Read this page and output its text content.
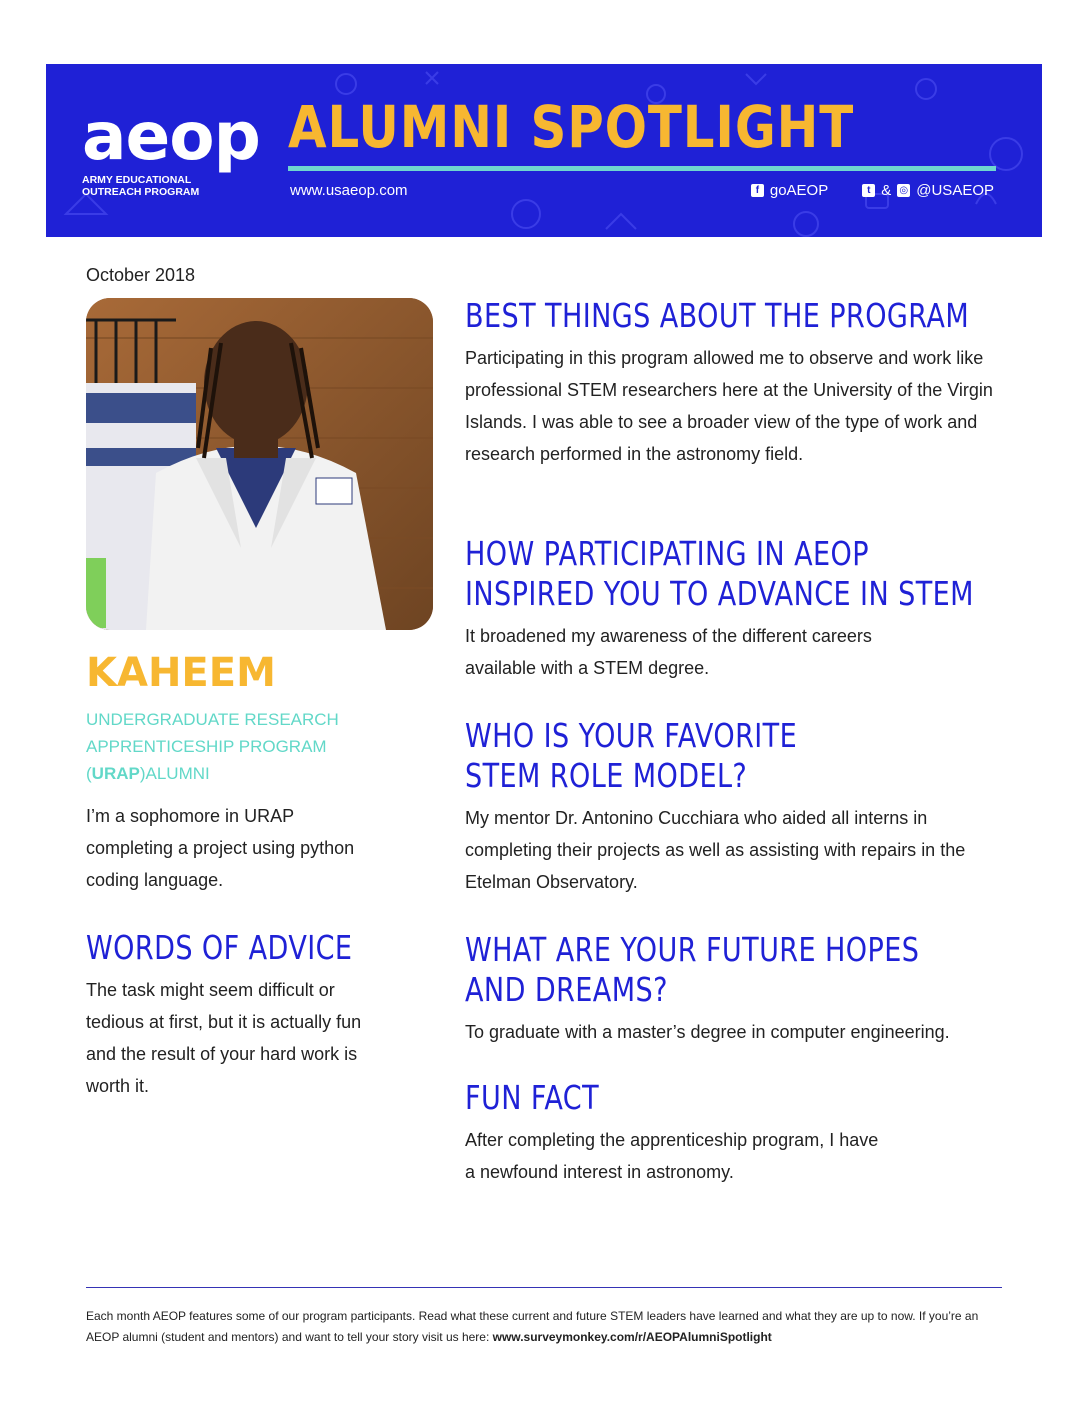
aeop
ARMY EDUCATIONAL OUTREACH PROGRAM
ALUMNI SPOTLIGHT
www.usaeop.com	f goAEOP	t & ◎ @USAEOP
October 2018
KAHEEM
UNDERGRADUATE RESEARCH
APPRENTICESHIP PROGRAM
(URAP)ALUMNI
I’m a sophomore in URAP completing a project using python coding language.
WORDS OF ADVICE
The task might seem difficult or tedious at first, but it is actually fun and the result of your hard work is worth it.
BEST THINGS ABOUT THE PROGRAM
Participating in this program allowed me to observe and work like professional STEM researchers here at the University of the Virgin Islands. I was able to see a broader view of the type of work and research performed in the astronomy field.
HOW PARTICIPATING IN AEOP
INSPIRED YOU TO ADVANCE IN STEM
It broadened my awareness of the different careers available with a STEM degree.
WHO IS YOUR FAVORITE
STEM ROLE MODEL?
My mentor Dr. Antonino Cucchiara who aided all interns in completing their projects as well as assisting with repairs in the Etelman Observatory.
WHAT ARE YOUR FUTURE HOPES
AND DREAMS?
To graduate with a master’s degree in computer engineering.
FUN FACT
After completing the apprenticeship program, I have
a newfound interest in astronomy.
Each month AEOP features some of our program participants. Read what these current and future STEM leaders have learned and what they are up to now. If you’re an AEOP alumni (student and mentors) and want to tell your story visit us here: www.surveymonkey.com/r/AEOPAlumniSpotlight
